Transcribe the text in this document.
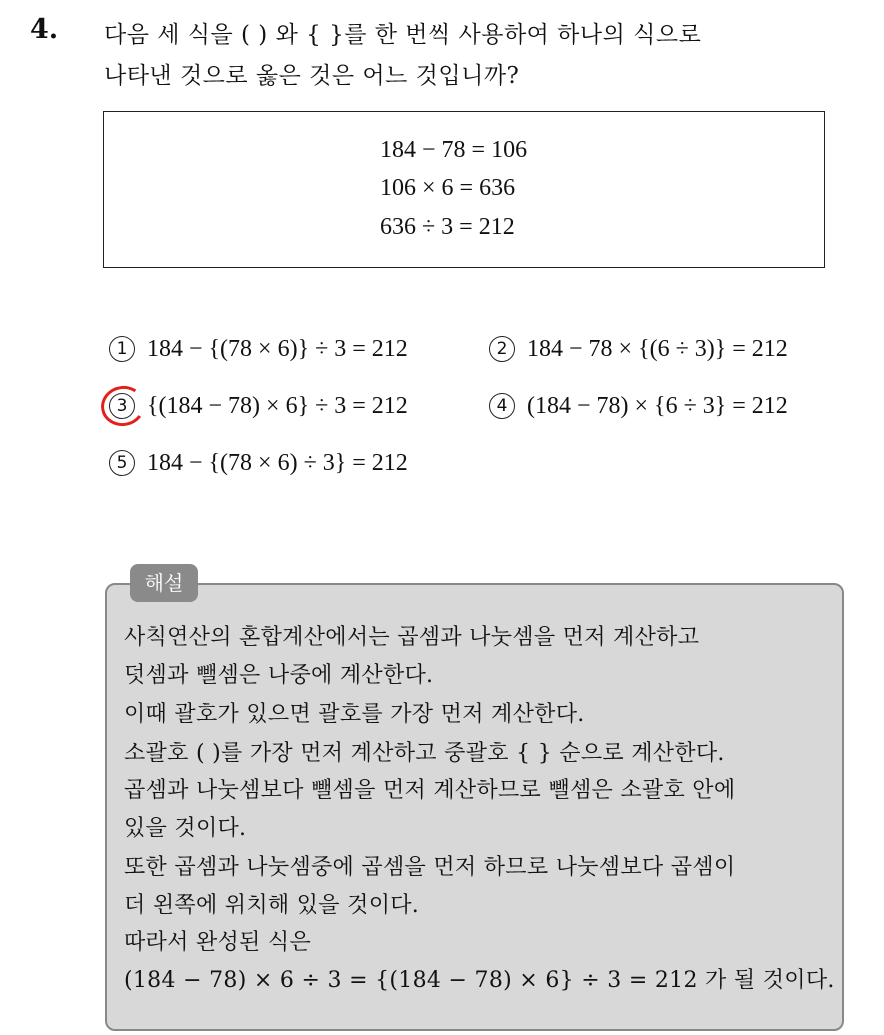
4. 다음 세 식을 ( ) 와 { }를 한 번씩 사용하여 하나의 식으로
나타낸 것으로 옳은 것은 어느 것입니까?
184 − 78 = 106
106 × 6 = 636
636 ÷ 3 = 212
1 184 − {(78 × 6)} ÷ 3 = 212	2 184 − 78 × {(6 ÷ 3)} = 212
3 {(184 − 78) × 6} ÷ 3 = 212	4 (184 − 78) × {6 ÷ 3} = 212
5 184 − {(78 × 6) ÷ 3} = 212
해설
사칙연산의 혼합계산에서는 곱셈과 나눗셈을 먼저 계산하고
덧셈과 뺄셈은 나중에 계산한다.
이때 괄호가 있으면 괄호를 가장 먼저 계산한다.
소괄호 ( )를 가장 먼저 계산하고 중괄호 { } 순으로 계산한다.
곱셈과 나눗셈보다 뺄셈을 먼저 계산하므로 뺄셈은 소괄호 안에
있을 것이다.
또한 곱셈과 나눗셈중에 곱셈을 먼저 하므로 나눗셈보다 곱셈이
더 왼쪽에 위치해 있을 것이다.
따라서 완성된 식은
(184 − 78) × 6 ÷ 3 = {(184 − 78) × 6} ÷ 3 = 212 가 될 것이다.
